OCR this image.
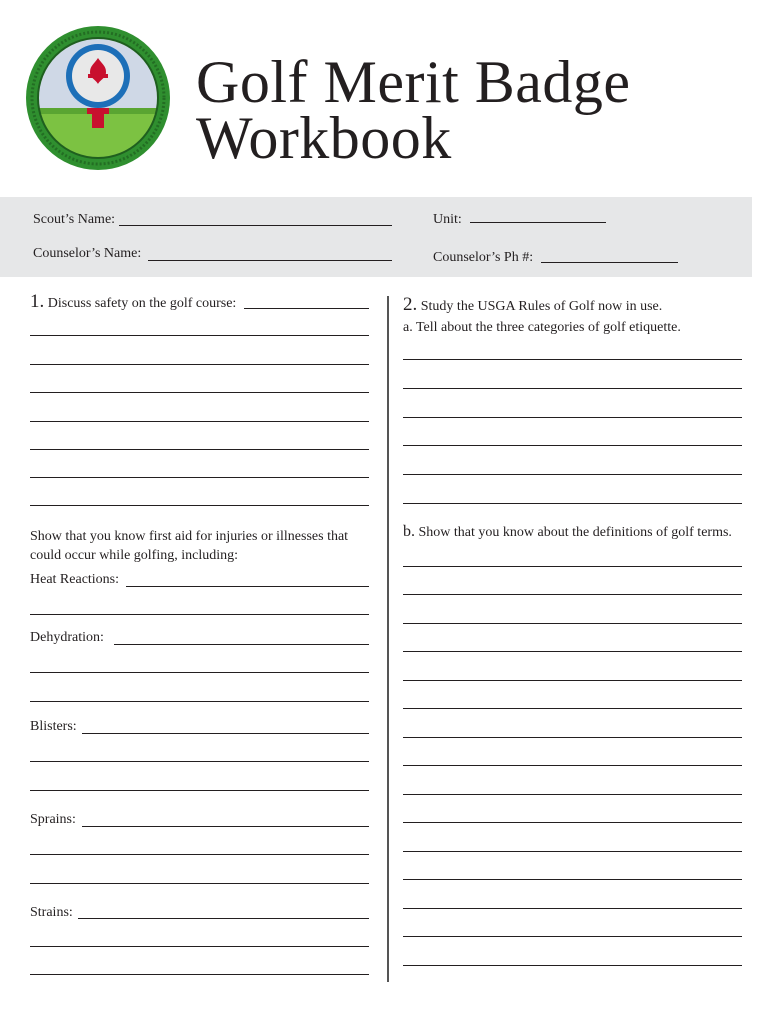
Golf Merit Badge
Workbook
Scout’s Name:	Unit:
Counselor’s Name:	Counselor’s Ph #:
1. Discuss safety on the golf course:
Show that you know first aid for injuries or illnesses that
could occur while golfing, including:
Heat Reactions:
Dehydration:
Blisters:
Sprains:
Strains:
2. Study the USGA Rules of Golf now in use.
a. Tell about the three categories of golf etiquette.
b. Show that you know about the definitions of golf terms.
